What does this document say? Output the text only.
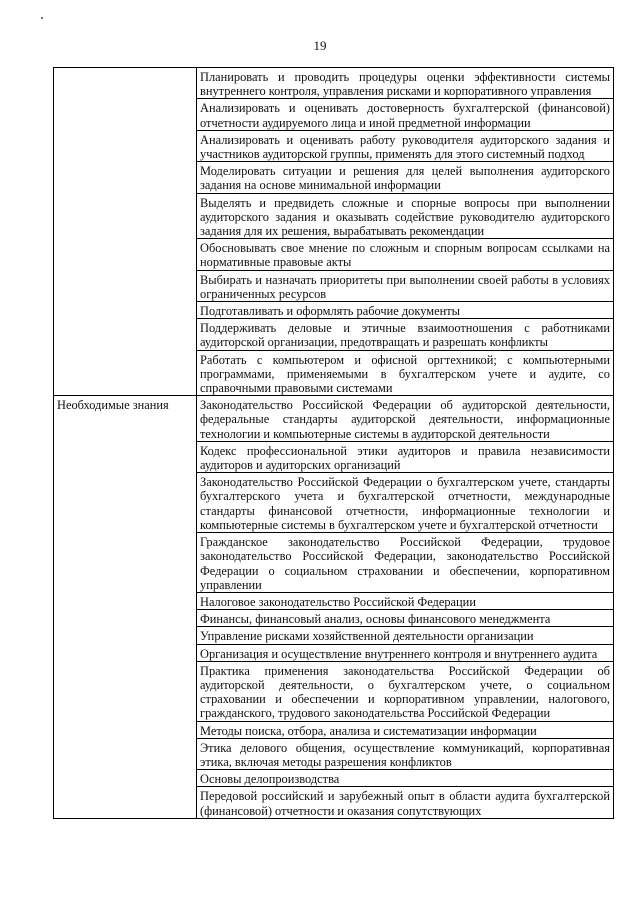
19
	Планировать и проводить процедуры оценки эффективности системы внутреннего контроля, управления рисками и корпоративного управления
	Анализировать и оценивать достоверность бухгалтерской (финансовой) отчетности аудируемого лица и иной предметной информации
	Анализировать и оценивать работу руководителя аудиторского задания и участников аудиторской группы, применять для этого системный подход
	Моделировать ситуации и решения для целей выполнения аудиторского задания на основе минимальной информации
	Выделять и предвидеть сложные и спорные вопросы при выполнении аудиторского задания и оказывать содействие руководителю аудиторского задания для их решения, вырабатывать рекомендации
	Обосновывать свое мнение по сложным и спорным вопросам ссылками на нормативные правовые акты
	Выбирать и назначать приоритеты при выполнении своей работы в условиях ограниченных ресурсов
	Подготавливать и оформлять рабочие документы
	Поддерживать деловые и этичные взаимоотношения с работниками аудиторской организации, предотвращать и разрешать конфликты
	Работать с компьютером и офисной оргтехникой; с компьютерными программами, применяемыми в бухгалтерском учете и аудите, со справочными правовыми системами
Необходимые знания	Законодательство Российской Федерации об аудиторской деятельности, федеральные стандарты аудиторской деятельности, информационные технологии и компьютерные системы в аудиторской деятельности
	Кодекс профессиональной этики аудиторов и правила независимости аудиторов и аудиторских организаций
	Законодательство Российской Федерации о бухгалтерском учете, стандарты бухгалтерского учета и бухгалтерской отчетности, международные стандарты финансовой отчетности, информационные технологии и компьютерные системы в бухгалтерском учете и бухгалтерской отчетности
	Гражданское законодательство Российской Федерации, трудовое законодательство Российской Федерации, законодательство Российской Федерации о социальном страховании и обеспечении, корпоративном управлении
	Налоговое законодательство Российской Федерации
	Финансы, финансовый анализ, основы финансового менеджмента
	Управление рисками хозяйственной деятельности организации
	Организация и осуществление внутреннего контроля и внутреннего аудита
	Практика применения законодательства Российской Федерации об аудиторской деятельности, о бухгалтерском учете, о социальном страховании и обеспечении и корпоративном управлении, налогового, гражданского, трудового законодательства Российской Федерации
	Методы поиска, отбора, анализа и систематизации информации
	Этика делового общения, осуществление коммуникаций, корпоративная этика, включая методы разрешения конфликтов
	Основы делопроизводства
	Передовой российский и зарубежный опыт в области аудита бухгалтерской (финансовой) отчетности и оказания сопутствующих
